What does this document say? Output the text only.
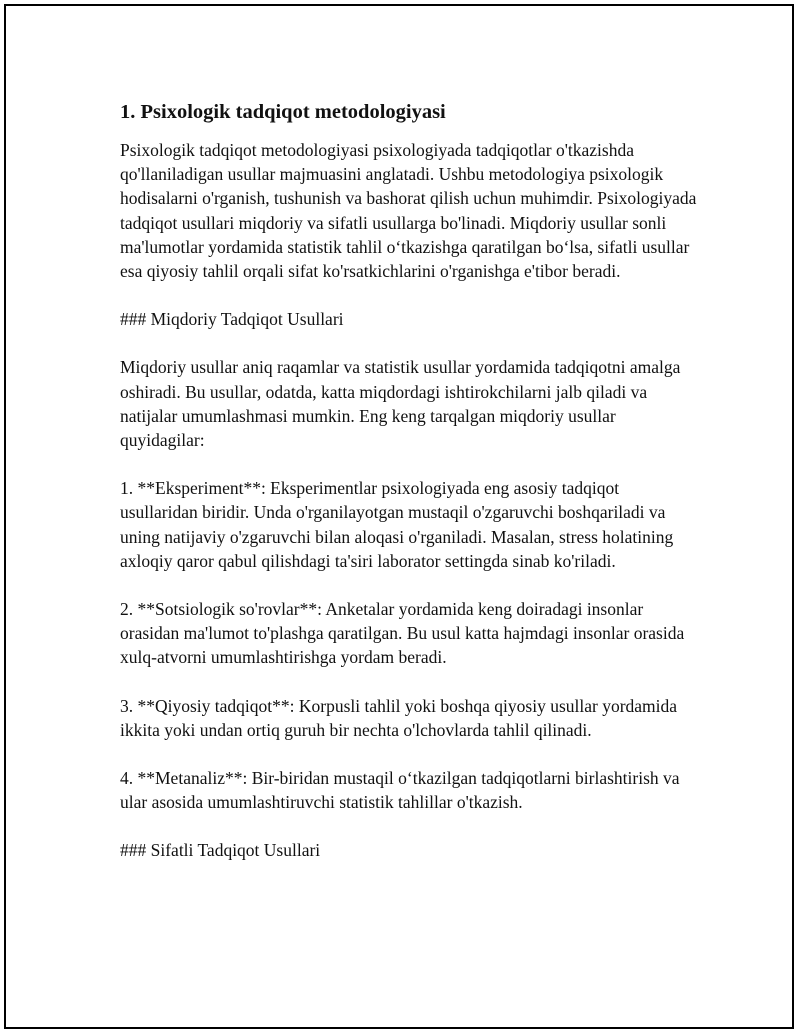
1. Psixologik tadqiqot metodologiyasi

Psixologik tadqiqot metodologiyasi psixologiyada tadqiqotlar o'tkazishda qo'llaniladigan usullar majmuasini anglatadi. Ushbu metodologiya psixologik hodisalarni o'rganish, tushunish va bashorat qilish uchun muhimdir. Psixologiyada tadqiqot usullari miqdoriy va sifatli usullarga bo'linadi. Miqdoriy usullar sonli ma'lumotlar yordamida statistik tahlil o‘tkazishga qaratilgan bo‘lsa, sifatli usullar esa qiyosiy tahlil orqali sifat ko'rsatkichlarini o'rganishga e'tibor beradi.

### Miqdoriy Tadqiqot Usullari

Miqdoriy usullar aniq raqamlar va statistik usullar yordamida tadqiqotni amalga oshiradi. Bu usullar, odatda, katta miqdordagi ishtirokchilarni jalb qiladi va natijalar umumlashmasi mumkin. Eng keng tarqalgan miqdoriy usullar quyidagilar:

1. **Eksperiment**: Eksperimentlar psixologiyada eng asosiy tadqiqot usullaridan biridir. Unda o'rganilayotgan mustaqil o'zgaruvchi boshqariladi va uning natijaviy o'zgaruvchi bilan aloqasi o'rganiladi. Masalan, stress holatining axloqiy qaror qabul qilishdagi ta'siri laborator settingda sinab ko'riladi.

2. **Sotsiologik so'rovlar**: Anketalar yordamida keng doiradagi insonlar orasidan ma'lumot to'plashga qaratilgan. Bu usul katta hajmdagi insonlar orasida xulq-atvorni umumlashtirishga yordam beradi.

3. **Qiyosiy tadqiqot**: Korpusli tahlil yoki boshqa qiyosiy usullar yordamida ikkita yoki undan ortiq guruh bir nechta o'lchovlarda tahlil qilinadi.

4. **Metanaliz**: Bir-biridan mustaqil o‘tkazilgan tadqiqotlarni birlashtirish va ular asosida umumlashtiruvchi statistik tahlillar o'tkazish.

### Sifatli Tadqiqot Usullari
